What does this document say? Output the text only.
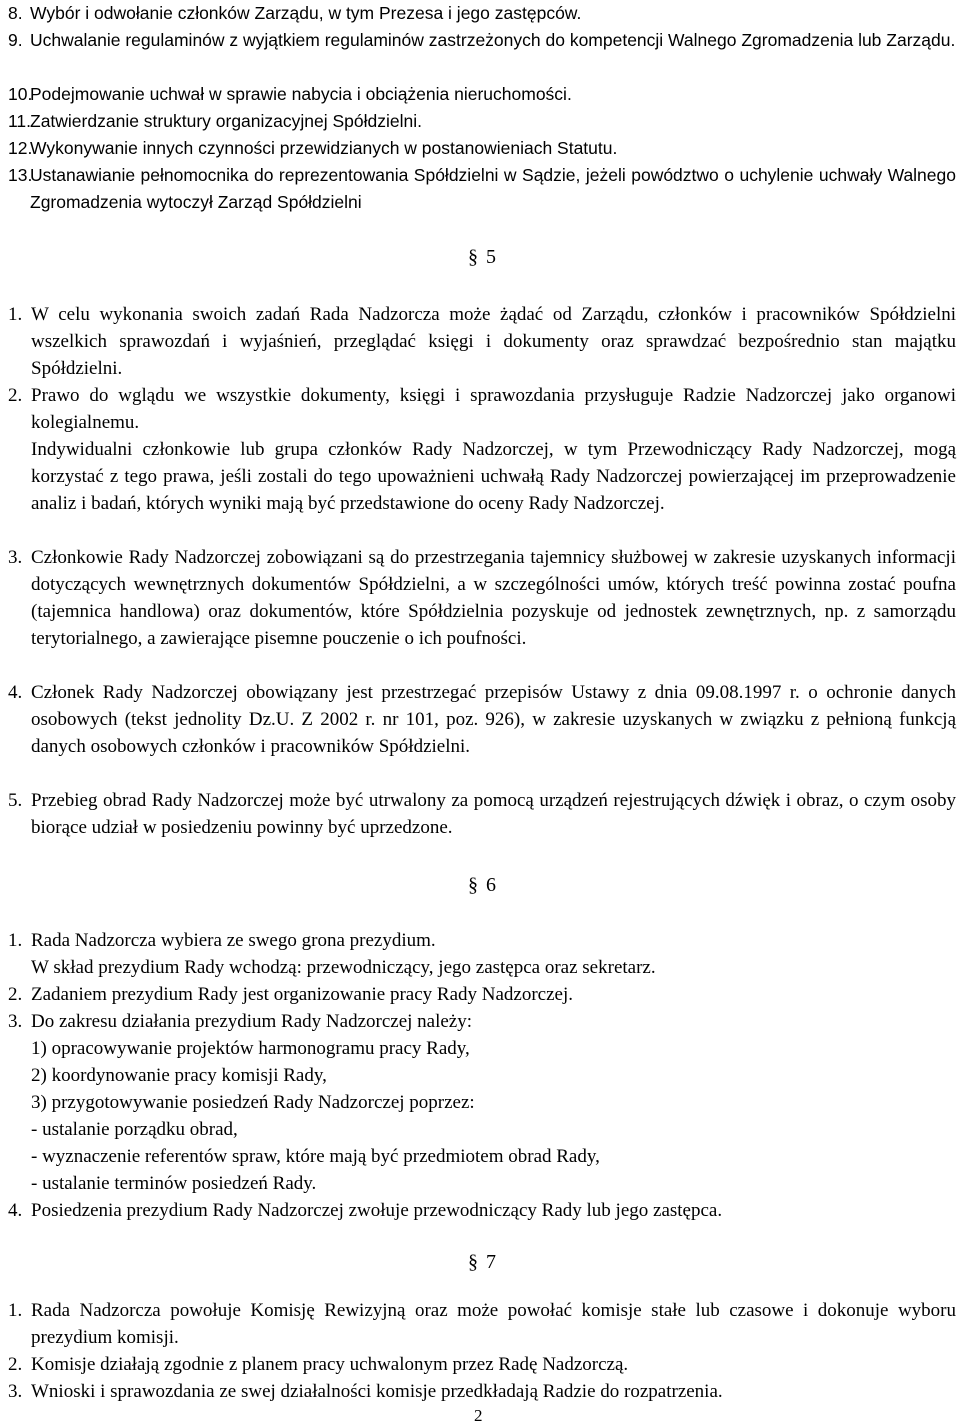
8. Wybór i odwołanie członków Zarządu, w tym Prezesa i jego zastępców.
9. Uchwalanie regulaminów z wyjątkiem regulaminów zastrzeżonych do kompetencji Walnego Zgromadzenia lub Zarządu.
10.
Podejmowanie uchwał w sprawie nabycia i obciążenia nieruchomości.
11.
Zatwierdzanie struktury organizacyjnej Spółdzielni.
12.
Wykonywanie innych czynności przewidzianych w postanowieniach Statutu.
13.
Ustanawianie pełnomocnika do reprezentowania Spółdzielni w Sądzie, jeżeli powództwo o uchylenie uchwały Walnego Zgromadzenia wytoczył Zarząd Spółdzielni
§ 5
1. W celu wykonania swoich zadań Rada Nadzorcza może żądać od Zarządu, członków i pracowników Spółdzielni wszelkich sprawozdań i wyjaśnień, przeglądać księgi i dokumenty oraz sprawdzać bezpośrednio stan majątku Spółdzielni.
2. Prawo do wglądu we wszystkie dokumenty, księgi i sprawozdania przysługuje Radzie Nadzorczej jako organowi kolegialnemu.
Indywidualni członkowie lub grupa członków Rady Nadzorczej, w tym Przewodniczący Rady Nadzorczej, mogą korzystać z tego prawa, jeśli zostali do tego upoważnieni uchwałą Rady Nadzorczej powierzającej im przeprowadzenie analiz i badań, których wyniki mają być przedstawione do oceny Rady Nadzorczej.
3. Członkowie Rady Nadzorczej zobowiązani są do przestrzegania tajemnicy służbowej w zakresie uzyskanych informacji dotyczących wewnętrznych dokumentów Spółdzielni, a w szczególności umów, których treść powinna zostać poufna (tajemnica handlowa) oraz dokumentów, które Spółdzielnia pozyskuje od jednostek zewnętrznych, np. z samorządu terytorialnego, a zawierające pisemne pouczenie o ich poufności.
4. Członek Rady Nadzorczej obowiązany jest przestrzegać przepisów Ustawy z dnia 09.08.1997 r. o ochronie danych osobowych (tekst jednolity Dz.U. Z 2002 r. nr 101, poz. 926), w zakresie uzyskanych w związku z pełnioną funkcją danych osobowych członków i pracowników Spółdzielni.
5. Przebieg obrad Rady Nadzorczej może być utrwalony za pomocą urządzeń rejestrujących dźwięk i obraz, o czym osoby biorące udział w posiedzeniu powinny być uprzedzone.
§ 6
1. Rada Nadzorcza wybiera ze swego grona prezydium.
W skład prezydium Rady wchodzą: przewodniczący, jego zastępca oraz sekretarz.
2. Zadaniem prezydium Rady jest organizowanie pracy Rady Nadzorczej.
3. Do zakresu działania prezydium Rady Nadzorczej należy:
1) opracowywanie projektów harmonogramu pracy Rady,
2) koordynowanie pracy komisji Rady,
3) przygotowywanie posiedzeń Rady Nadzorczej poprzez:
- ustalanie porządku obrad,
- wyznaczenie referentów spraw, które mają być przedmiotem obrad Rady,
- ustalanie terminów posiedzeń Rady.
4. Posiedzenia prezydium Rady Nadzorczej zwołuje przewodniczący Rady lub jego zastępca.
§ 7
1. Rada Nadzorcza powołuje Komisję Rewizyjną oraz może powołać komisje stałe lub czasowe i dokonuje wyboru prezydium komisji.
2. Komisje działają zgodnie z planem pracy uchwalonym przez Radę Nadzorczą.
3. Wnioski i sprawozdania ze swej działalności komisje przedkładają Radzie do rozpatrzenia.
2
